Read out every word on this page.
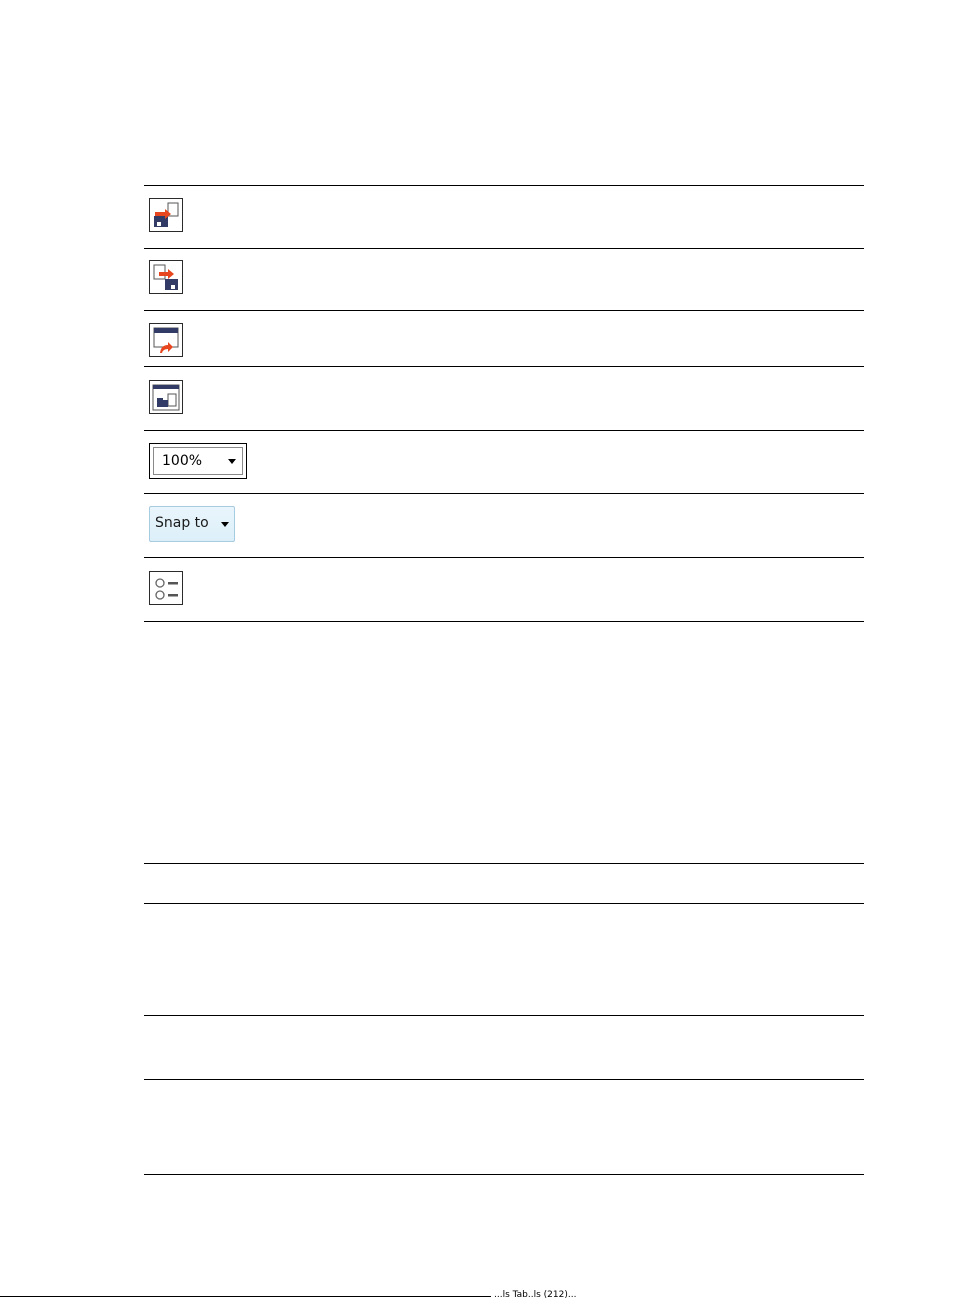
100%
Snap to
...ls Tab..ls (212)...
